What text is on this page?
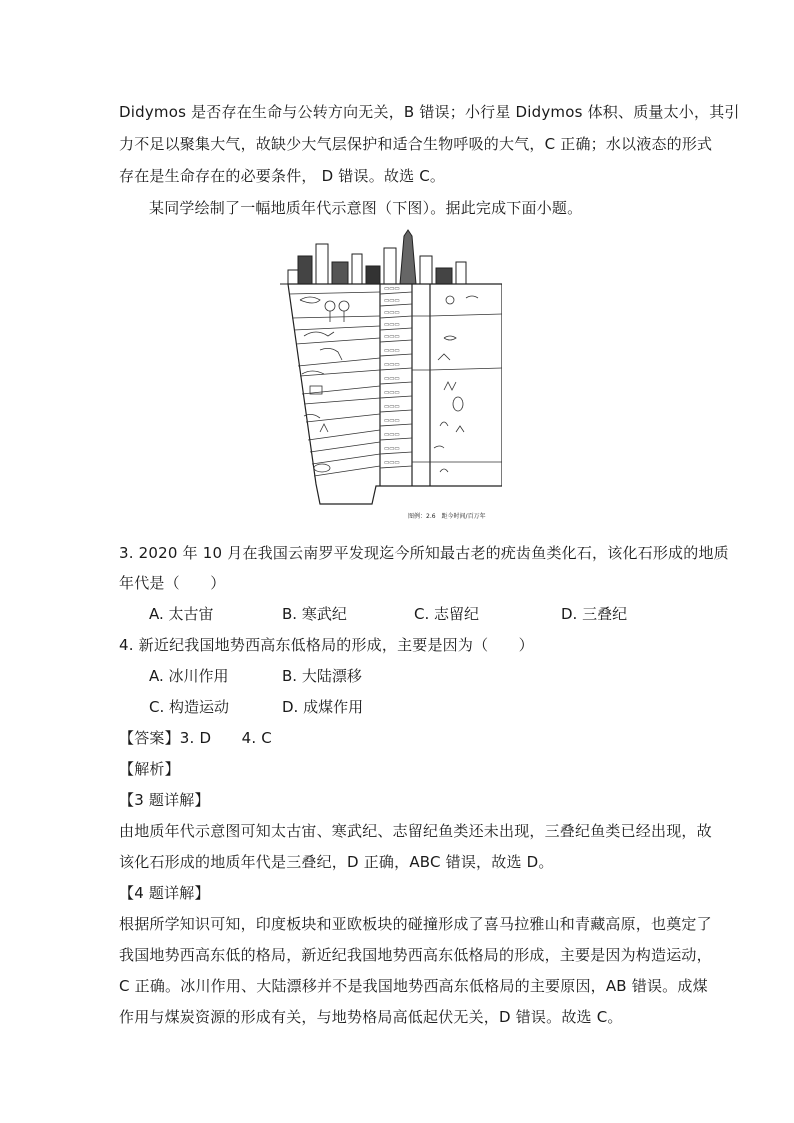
Didymos 是否存在生命与公转方向无关，B 错误；小行星 Didymos 体积、质量太小，其引
力不足以聚集大气，故缺少大气层保护和适合生物呼吸的大气，C 正确；水以液态的形式
存在是生命存在的必要条件， D 错误。故选 C。
某同学绘制了一幅地质年代示意图（下图）。据此完成下面小题。
▭▭▭
▭▭▭
▭▭▭
▭▭▭
▭▭▭
▭▭▭
▭▭▭
▭▭▭
▭▭▭
▭▭▭
▭▭▭
▭▭▭
▭▭▭
▭▭▭
图例：2.6　距今时间/百万年
3. 2020 年 10 月在我国云南罗平发现迄今所知最古老的疣齿鱼类化石，该化石形成的地质
年代是（　　）
A. 太古宙	B. 寒武纪	C. 志留纪	D. 三叠纪
4. 新近纪我国地势西高东低格局的形成，主要是因为（　　）
A. 冰川作用	B. 大陆漂移
C. 构造运动	D. 成煤作用
【答案】3. D　　4. C
【解析】
【3 题详解】
由地质年代示意图可知太古宙、寒武纪、志留纪鱼类还未出现，三叠纪鱼类已经出现，故
该化石形成的地质年代是三叠纪，D 正确，ABC 错误，故选 D。
【4 题详解】
根据所学知识可知，印度板块和亚欧板块的碰撞形成了喜马拉雅山和青藏高原，也奠定了
我国地势西高东低的格局，新近纪我国地势西高东低格局的形成，主要是因为构造运动，
C 正确。冰川作用、大陆漂移并不是我国地势西高东低格局的主要原因，AB 错误。成煤
作用与煤炭资源的形成有关，与地势格局高低起伏无关，D 错误。故选 C。
